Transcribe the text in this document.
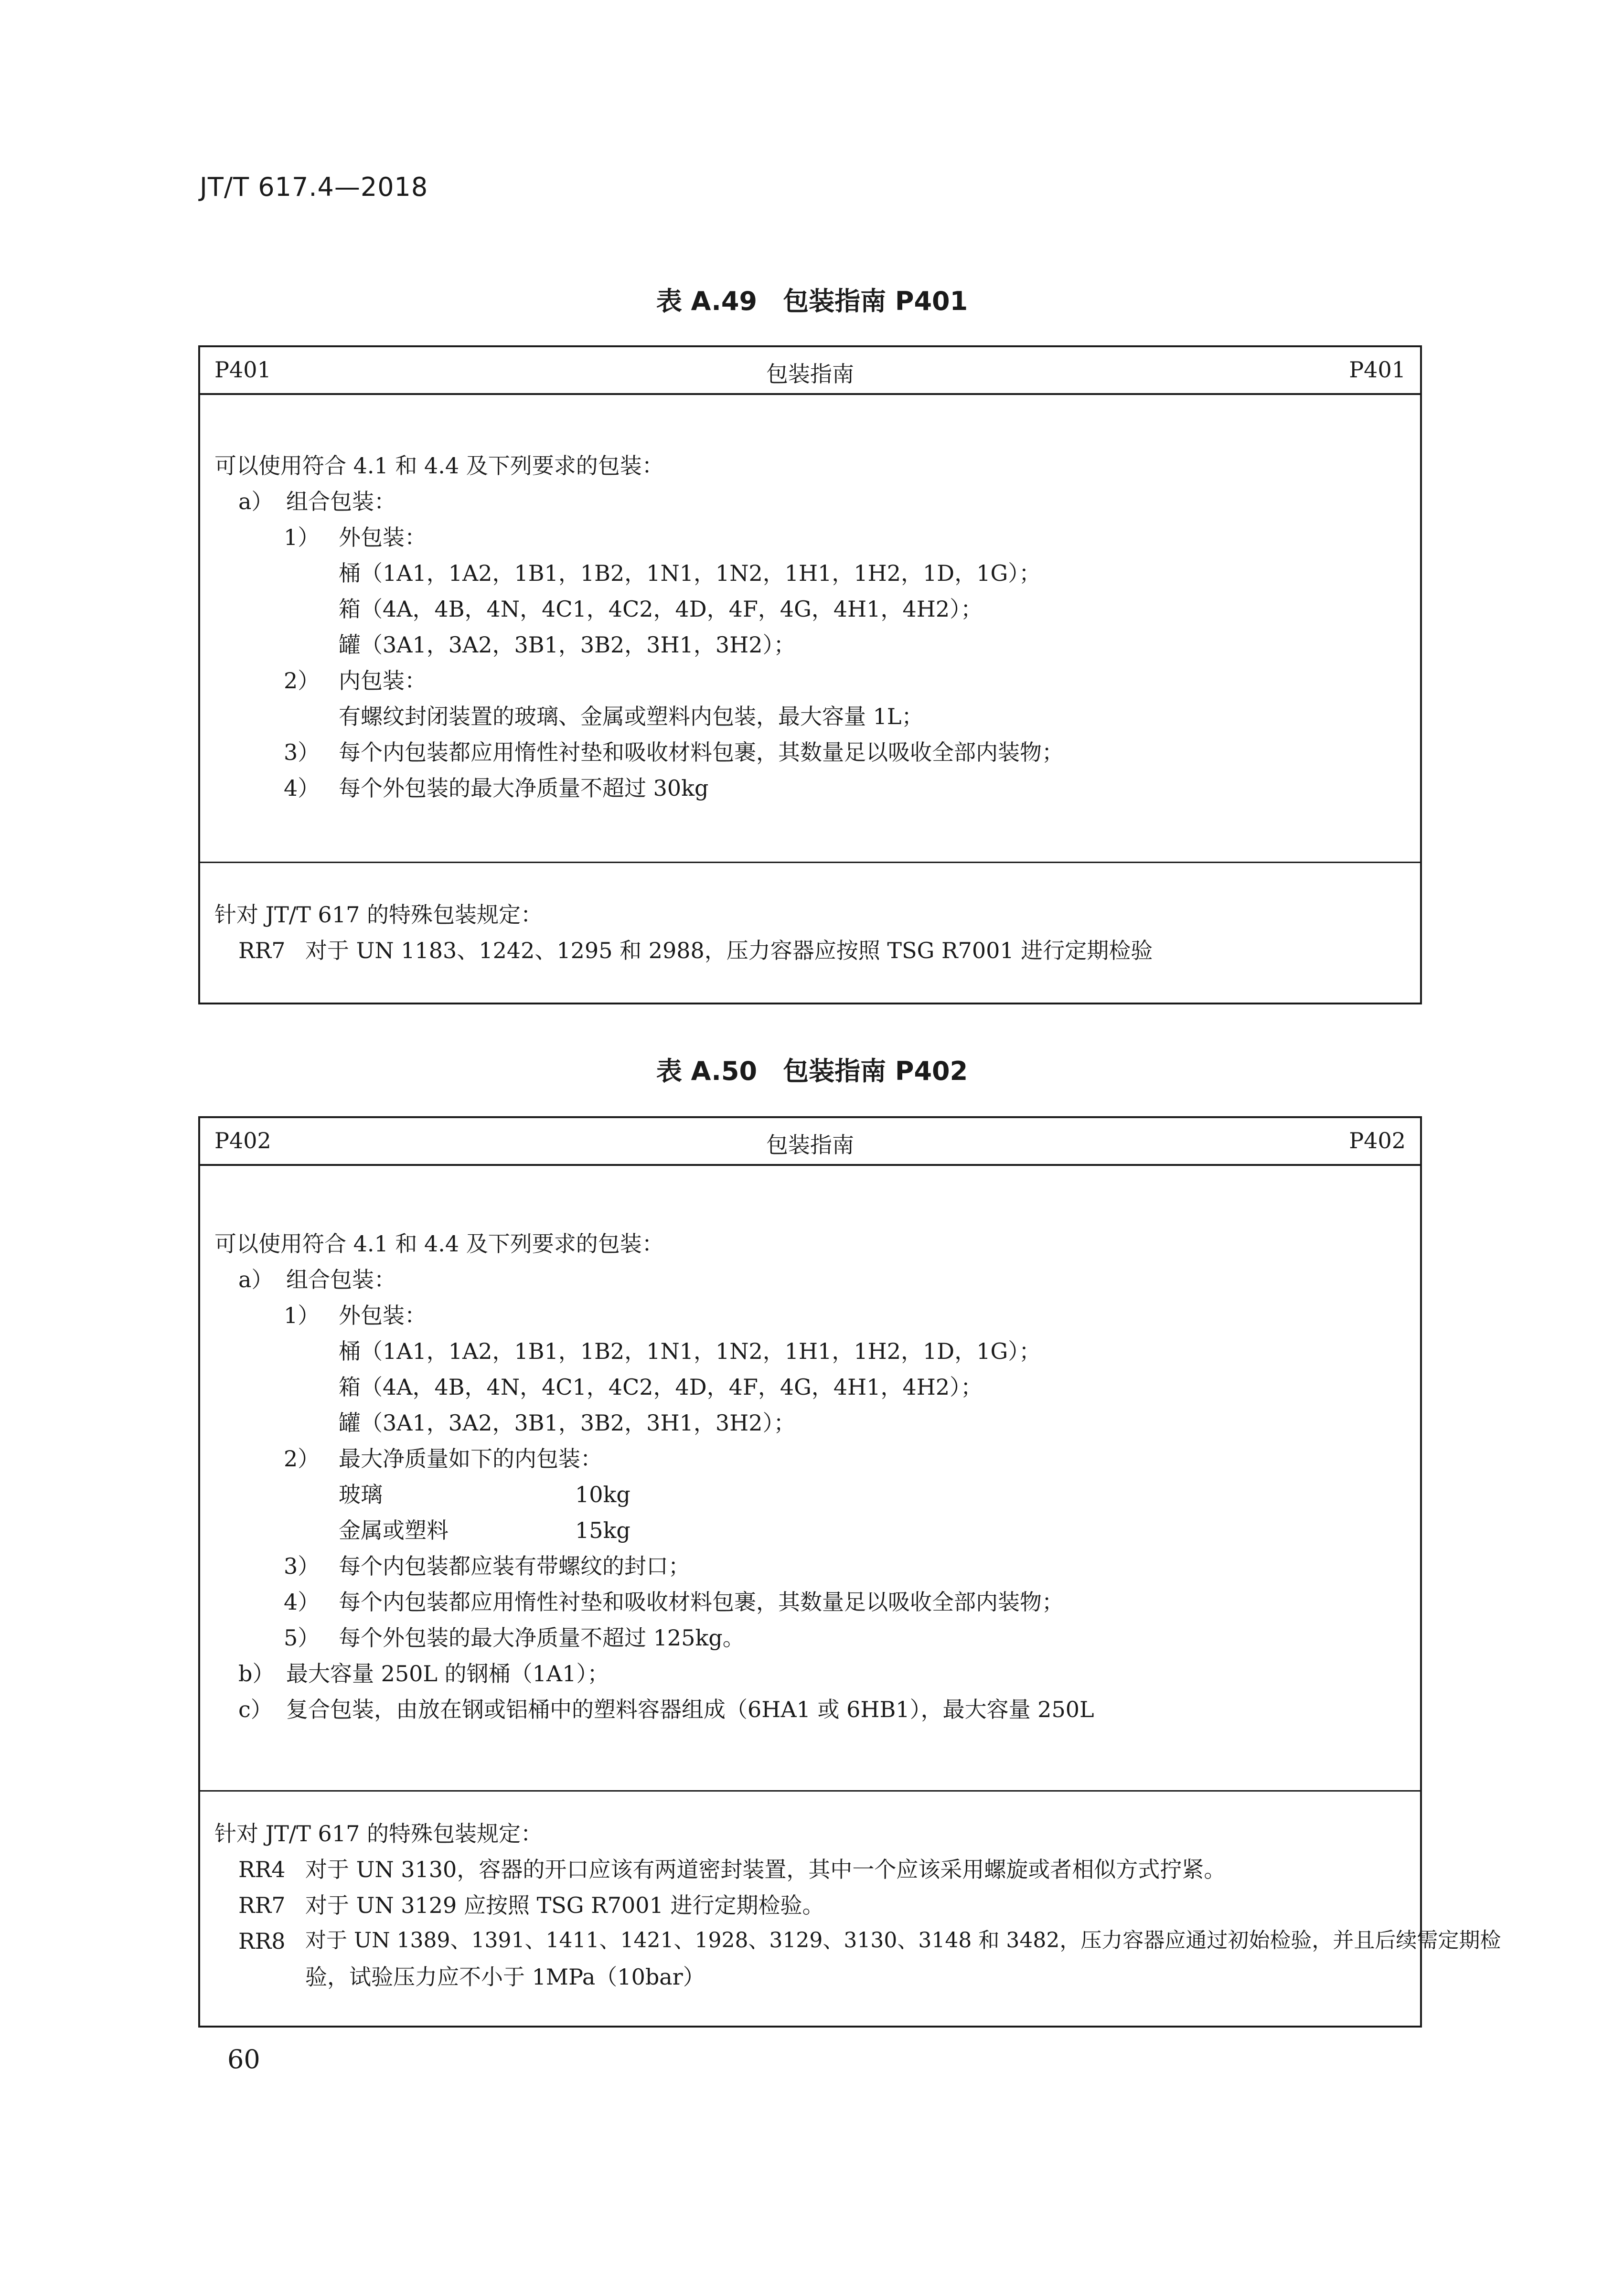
JT/T 617.4—2018
表 A.49　包装指南 P401
P401	包装指南	P401
可以使用符合 4.1 和 4.4 及下列要求的包装：
a） 组合包装：
1） 外包装：
桶（1A1，1A2，1B1，1B2，1N1，1N2，1H1，1H2，1D，1G）；
箱（4A，4B，4N，4C1，4C2，4D，4F，4G，4H1，4H2）；
罐（3A1，3A2，3B1，3B2，3H1，3H2）；
2） 内包装：
有螺纹封闭装置的玻璃、金属或塑料内包装，最大容量 1L；
3） 每个内包装都应用惰性衬垫和吸收材料包裹，其数量足以吸收全部内装物；
4） 每个外包装的最大净质量不超过 30kg
针对 JT/T 617 的特殊包装规定：
RR7 对于 UN 1183、1242、1295 和 2988，压力容器应按照 TSG R7001 进行定期检验
表 A.50　包装指南 P402
P402	包装指南	P402
可以使用符合 4.1 和 4.4 及下列要求的包装：
a） 组合包装：
1） 外包装：
桶（1A1，1A2，1B1，1B2，1N1，1N2，1H1，1H2，1D，1G）；
箱（4A，4B，4N，4C1，4C2，4D，4F，4G，4H1，4H2）；
罐（3A1，3A2，3B1，3B2，3H1，3H2）；
2） 最大净质量如下的内包装：
玻璃	10kg
金属或塑料	15kg
3） 每个内包装都应装有带螺纹的封口；
4） 每个内包装都应用惰性衬垫和吸收材料包裹，其数量足以吸收全部内装物；
5） 每个外包装的最大净质量不超过 125kg。
b） 最大容量 250L 的钢桶（1A1）；
c） 复合包装，由放在钢或铝桶中的塑料容器组成（6HA1 或 6HB1），最大容量 250L
针对 JT/T 617 的特殊包装规定：
RR4 对于 UN 3130，容器的开口应该有两道密封装置，其中一个应该采用螺旋或者相似方式拧紧。
RR7 对于 UN 3129 应按照 TSG R7001 进行定期检验。
RR8 对于 UN 1389、1391、1411、1421、1928、3129、3130、3148 和 3482，压力容器应通过初始检验，并且后续需定期检
验，试验压力应不小于 1MPa（10bar）
60
